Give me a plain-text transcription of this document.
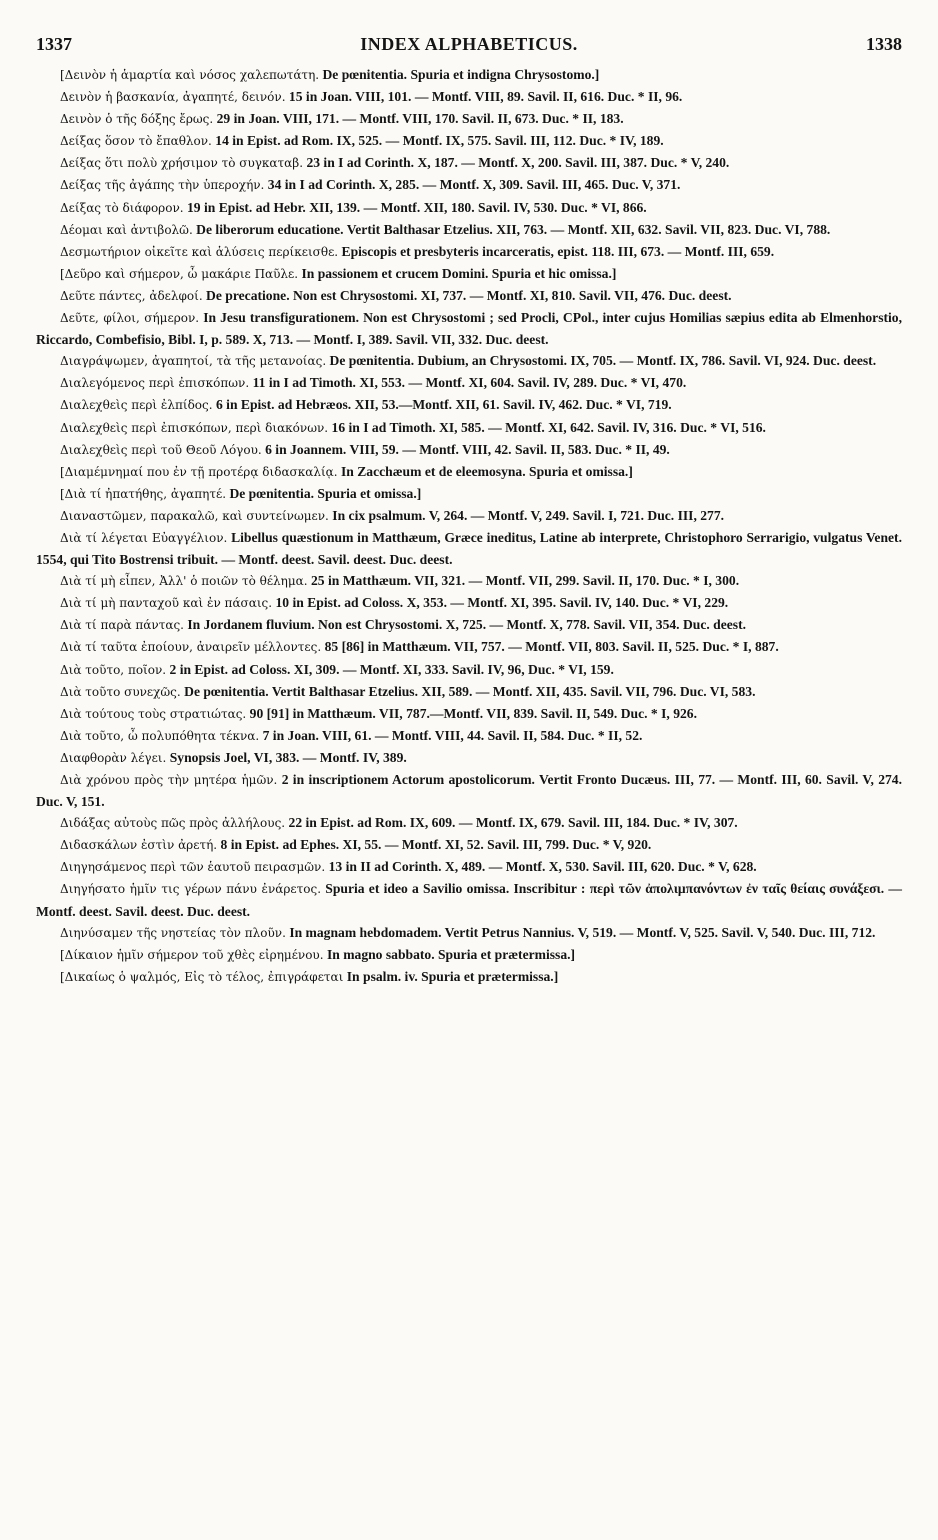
1337	INDEX ALPHABETICUS.	1338

[Δεινὸν ἡ ἁμαρτία καὶ νόσος χαλεπωτάτη. De pœnitentia. Spuria et indigna Chrysostomo.]

Δεινὸν ἡ βασκανία, ἀγαπητέ, δεινόν. 15 in Joan. VIII, 101. — Montf. VIII, 89. Savil. II, 616. Duc. * II, 96.

Δεινὸν ὁ τῆς δόξης ἔρως. 29 in Joan. VIII, 171. — Montf. VIII, 170. Savil. II, 673. Duc. * II, 183.

Δείξας ὅσον τὸ ἔπαθλον. 14 in Epist. ad Rom. IX, 525. — Montf. IX, 575. Savil. III, 112. Duc. * IV, 189.

Δείξας ὅτι πολὺ χρήσιμον τὸ συγκαταβ. 23 in I ad Corinth. X, 187. — Montf. X, 200. Savil. III, 387. Duc. * V, 240.

Δείξας τῆς ἀγάπης τὴν ὑπεροχήν. 34 in I ad Corinth. X, 285. — Montf. X, 309. Savil. III, 465. Duc. V, 371.

Δείξας τὸ διάφορον. 19 in Epist. ad Hebr. XII, 139. — Montf. XII, 180. Savil. IV, 530. Duc. * VI, 866.

Δέομαι καὶ ἀντιβολῶ. De liberorum educatione. Vertit Balthasar Etzelius. XII, 763. — Montf. XII, 632. Savil. VII, 823. Duc. VI, 788.

Δεσμωτήριον οἰκεῖτε καὶ ἁλύσεις περίκεισθε. Episcopis et presbyteris incarceratis, epist. 118. III, 673. — Montf. III, 659.

[Δεῦρο καὶ σήμερον, ὦ μακάριε Παῦλε. In passionem et crucem Domini. Spuria et hic omissa.]

Δεῦτε πάντες, ἀδελφοί. De precatione. Non est Chrysostomi. XI, 737. — Montf. XI, 810. Savil. VII, 476. Duc. deest.

Δεῦτε, φίλοι, σήμερον. In Jesu transfigurationem. Non est Chrysostomi ; sed Procli, CPol., inter cujus Homilias sæpius edita ab Elmenhorstio, Riccardo, Combefisio, Bibl. I, p. 589. X, 713. — Montf. I, 389. Savil. VII, 332. Duc. deest.

Διαγράψωμεν, ἀγαπητοί, τὰ τῆς μετανοίας. De pœnitentia. Dubium, an Chrysostomi. IX, 705. — Montf. IX, 786. Savil. VI, 924. Duc. deest.

Διαλεγόμενος περὶ ἐπισκόπων. 11 in I ad Timoth. XI, 553. — Montf. XI, 604. Savil. IV, 289. Duc. * VI, 470.

Διαλεχθεὶς περὶ ἐλπίδος. 6 in Epist. ad Hebræos. XII, 53.—Montf. XII, 61. Savil. IV, 462. Duc. * VI, 719.

Διαλεχθεὶς περὶ ἐπισκόπων, περὶ διακόνων. 16 in I ad Timoth. XI, 585. — Montf. XI, 642. Savil. IV, 316. Duc. * VI, 516.

Διαλεχθεὶς περὶ τοῦ Θεοῦ Λόγου. 6 in Joannem. VIII, 59. — Montf. VIII, 42. Savil. II, 583. Duc. * II, 49.

[Διαμέμνημαί που ἐν τῇ προτέρᾳ διδασκαλίᾳ. In Zacchæum et de eleemosyna. Spuria et omissa.]

[Διὰ τί ἠπατήθης, ἀγαπητέ. De pœnitentia. Spuria et omissa.]

Διαναστῶμεν, παρακαλῶ, καὶ συντείνωμεν. In cix psalmum. V, 264. — Montf. V, 249. Savil. I, 721. Duc. III, 277.

Διὰ τί λέγεται Εὐαγγέλιον. Libellus quæstionum in Matthæum, Græce ineditus, Latine ab interprete, Christophoro Serrarigio, vulgatus Venet. 1554, qui Tito Bostrensi tribuit. — Montf. deest. Savil. deest. Duc. deest.

Διὰ τί μὴ εἶπεν, Ἀλλ' ὁ ποιῶν τὸ θέλημα. 25 in Matthæum. VII, 321. — Montf. VII, 299. Savil. II, 170. Duc. * I, 300.

Διὰ τί μὴ πανταχοῦ καὶ ἐν πάσαις. 10 in Epist. ad Coloss. X, 353. — Montf. XI, 395. Savil. IV, 140. Duc. * VI, 229.

Διὰ τί παρὰ πάντας. In Jordanem fluvium. Non est Chrysostomi. X, 725. — Montf. X, 778. Savil. VII, 354. Duc. deest.

Διὰ τί ταῦτα ἐποίουν, ἀναιρεῖν μέλλοντες. 85 [86] in Matthæum. VII, 757. — Montf. VII, 803. Savil. II, 525. Duc. * I, 887.

Διὰ τοῦτο, ποῖον. 2 in Epist. ad Coloss. XI, 309. — Montf. XI, 333. Savil. IV, 96, Duc. * VI, 159.

Διὰ τοῦτο συνεχῶς. De pœnitentia. Vertit Balthasar Etzelius. XII, 589. — Montf. XII, 435. Savil. VII, 796. Duc. VI, 583.

Διὰ τούτους τοὺς στρατιώτας. 90 [91] in Matthæum. VII, 787.—Montf. VII, 839. Savil. II, 549. Duc. * I, 926.

Διὰ τοῦτο, ὦ πολυπόθητα τέκνα. 7 in Joan. VIII, 61. — Montf. VIII, 44. Savil. II, 584. Duc. * II, 52.

Διαφθορὰν λέγει. Synopsis Joel, VI, 383. — Montf. IV, 389.

Διὰ χρόνου πρὸς τὴν μητέρα ἡμῶν. 2 in inscriptionem Actorum apostolicorum. Vertit Fronto Ducæus. III, 77. — Montf. III, 60. Savil. V, 274. Duc. V, 151.

Διδάξας αὐτοὺς πῶς πρὸς ἀλλήλους. 22 in Epist. ad Rom. IX, 609. — Montf. IX, 679. Savil. III, 184. Duc. * IV, 307.

Διδασκάλων ἐστὶν ἀρετή. 8 in Epist. ad Ephes. XI, 55. — Montf. XI, 52. Savil. III, 799. Duc. * V, 920.

Διηγησάμενος περὶ τῶν ἑαυτοῦ πειρασμῶν. 13 in II ad Corinth. X, 489. — Montf. X, 530. Savil. III, 620. Duc. * V, 628.

Διηγήσατο ἡμῖν τις γέρων πάνυ ἐνάρετος. Spuria et ideo a Savilio omissa. Inscribitur : περὶ τῶν ἀπολιμπανόντων ἐν ταῖς θείαις συνάξεσι. — Montf. deest. Savil. deest. Duc. deest.

Διηνύσαμεν τῆς νηστείας τὸν πλοῦν. In magnam hebdomadem. Vertit Petrus Nannius. V, 519. — Montf. V, 525. Savil. V, 540. Duc. III, 712.

[Δίκαιον ἡμῖν σήμερον τοῦ χθὲς εἰρημένου. In magno sabbato. Spuria et prætermissa.]

[Δικαίως ὁ ψαλμός, Εἰς τὸ τέλος, ἐπιγράφεται In psalm. iv. Spuria et prætermissa.]
